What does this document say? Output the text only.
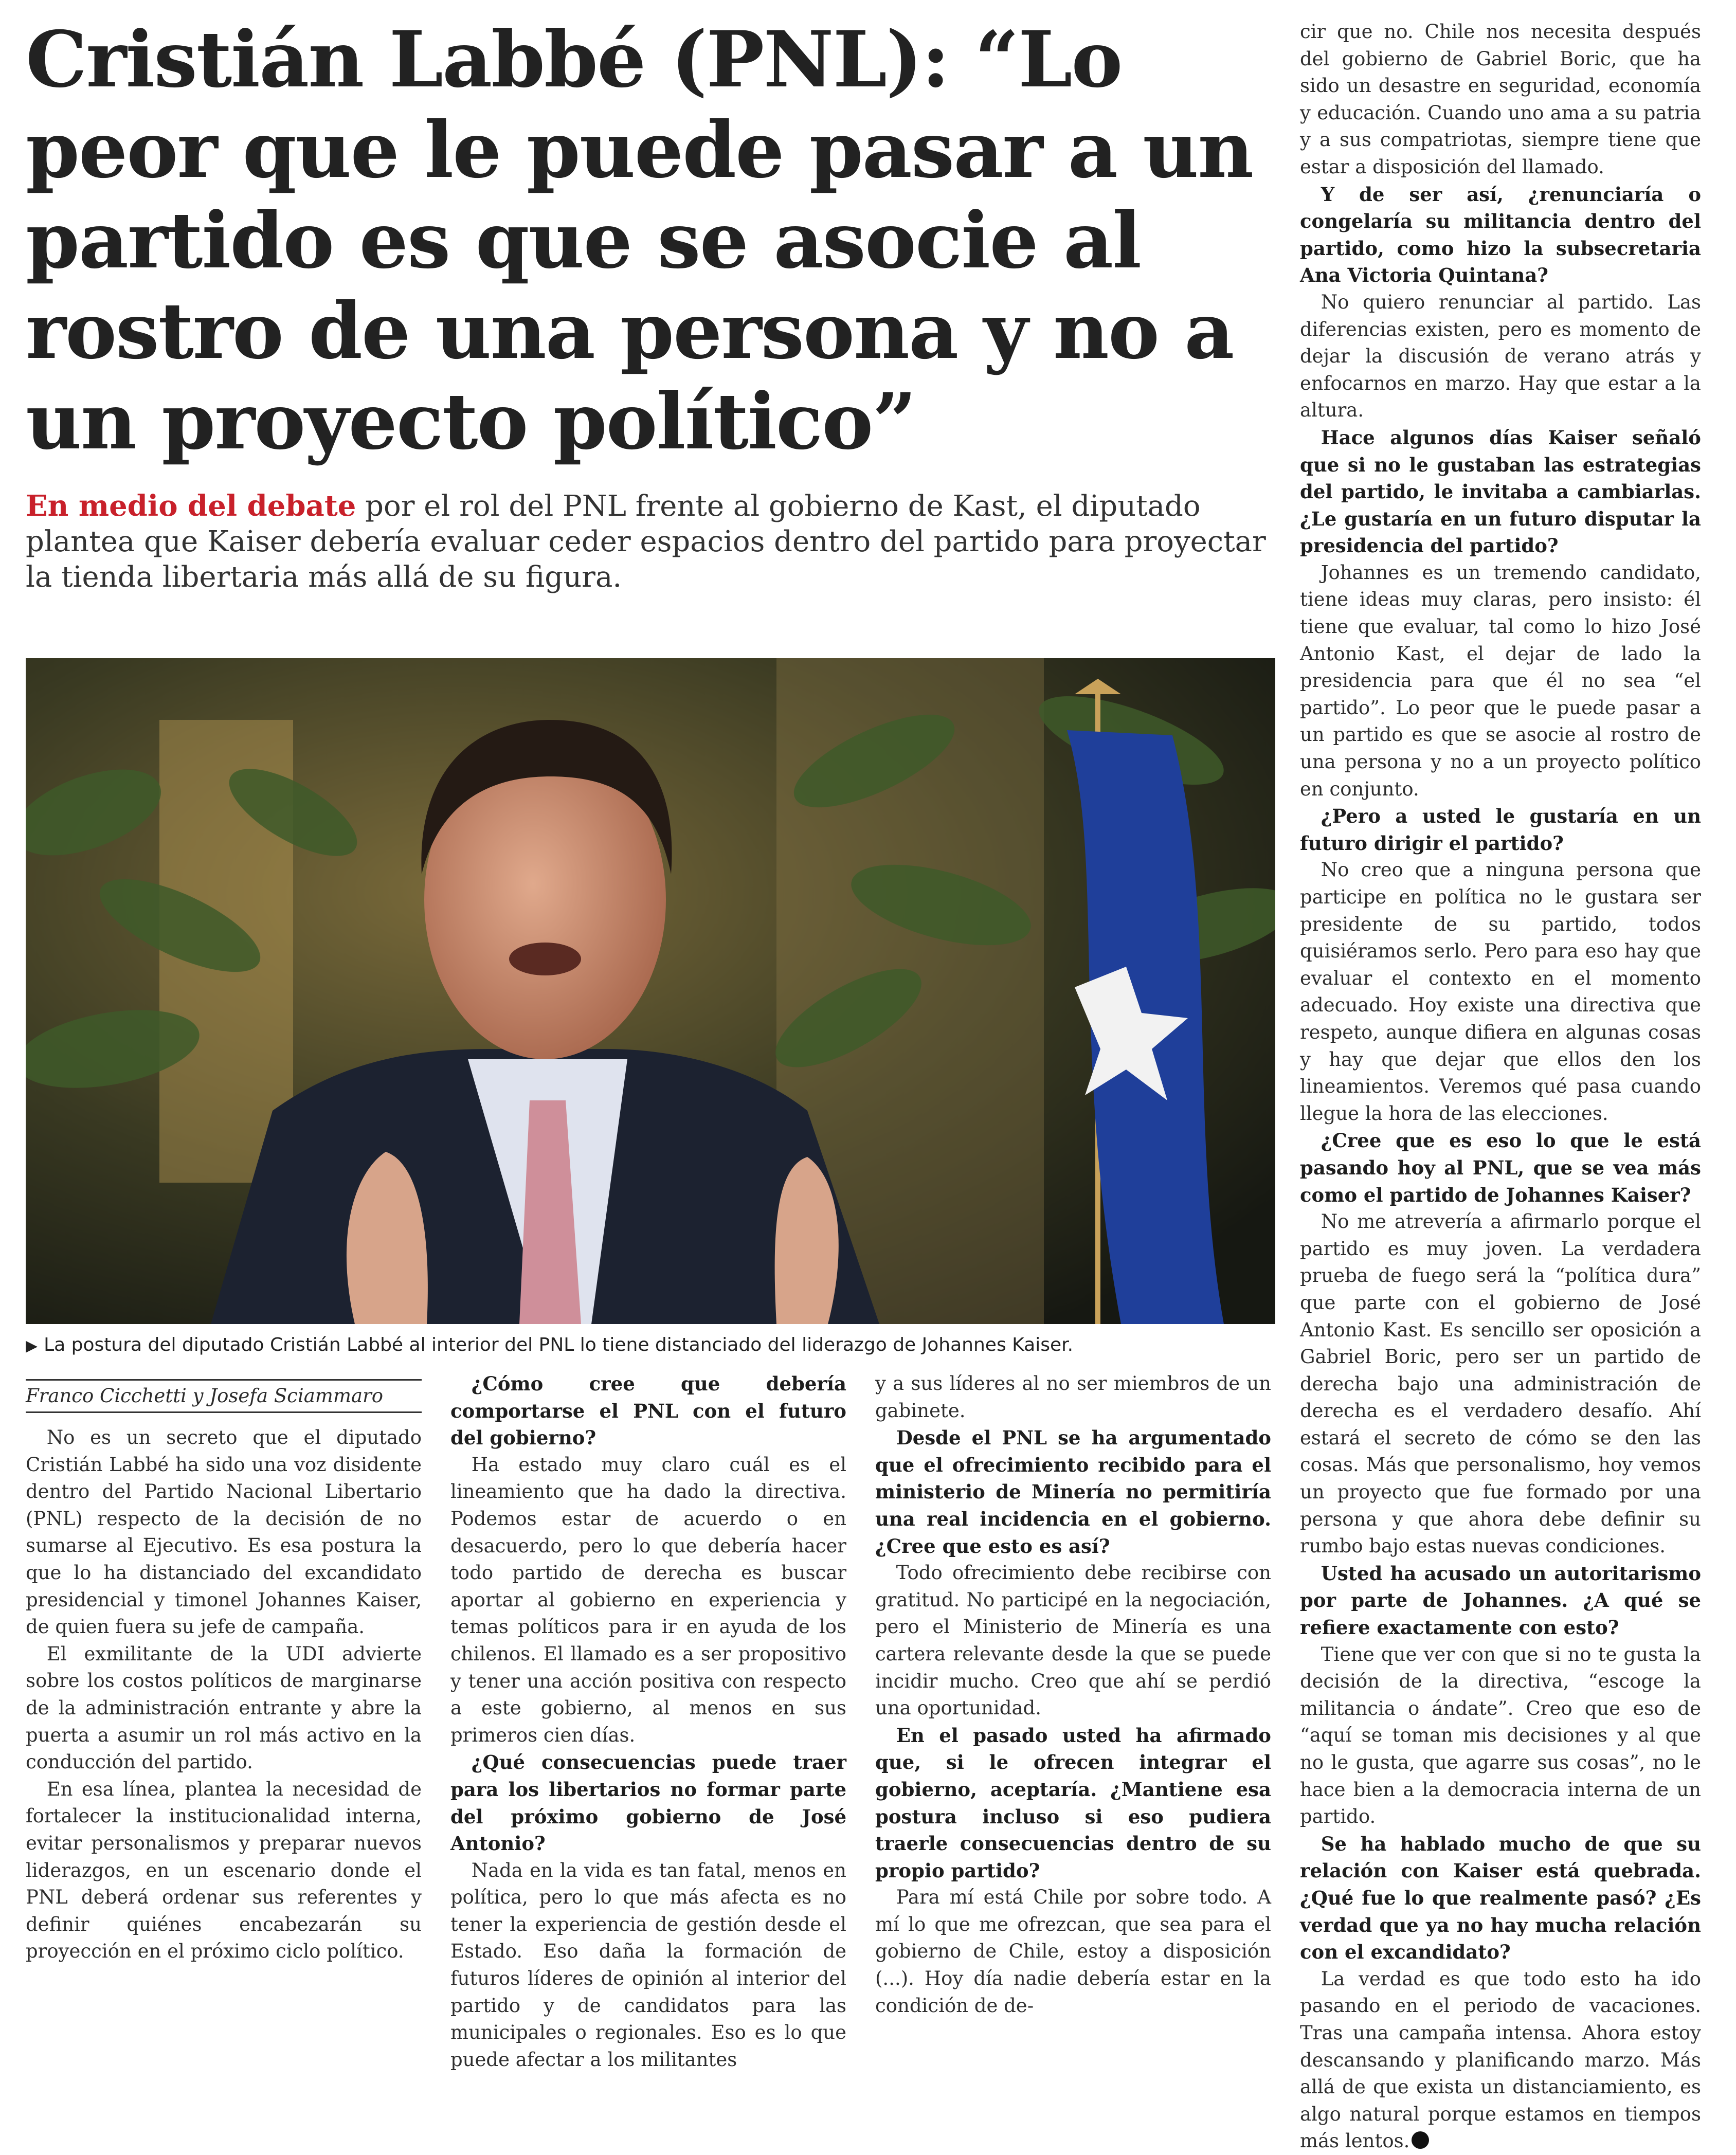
Cristián Labbé (PNL): “Lo peor que le puede pasar a un partido es que se asocie al rostro de una persona y no a un proyecto político”

En medio del debate por el rol del PNL frente al gobierno de Kast, el diputado plantea que Kaiser debería evaluar ceder espacios dentro del partido para proyectar la tienda libertaria más allá de su figura.

▶ La postura del diputado Cristián Labbé al interior del PNL lo tiene distanciado del liderazgo de Johannes Kaiser.

Franco Cicchetti y Josefa Sciammaro

No es un secreto que el diputado Cristián Labbé ha sido una voz disidente dentro del Partido Nacional Libertario (PNL) respecto de la decisión de no sumarse al Ejecutivo. Es esa postura la que lo ha distanciado del excandidato presidencial y timonel Johannes Kaiser, de quien fuera su jefe de campaña.

El exmilitante de la UDI advierte sobre los costos políticos de marginarse de la administración entrante y abre la puerta a asumir un rol más activo en la conducción del partido.

En esa línea, plantea la necesidad de fortalecer la institucionalidad interna, evitar personalismos y preparar nuevos liderazgos, en un escenario donde el PNL deberá ordenar sus referentes y definir quiénes encabezarán su proyección en el próximo ciclo político.

¿Cómo cree que debería comportarse el PNL con el futuro del gobierno?

Ha estado muy claro cuál es el lineamiento que ha dado la directiva. Podemos estar de acuerdo o en desacuerdo, pero lo que debería hacer todo partido de derecha es buscar aportar al gobierno en experiencia y temas políticos para ir en ayuda de los chilenos. El llamado es a ser propositivo y tener una acción positiva con respecto a este gobierno, al menos en sus primeros cien días.

¿Qué consecuencias puede traer para los libertarios no formar parte del próximo gobierno de José Antonio?

Nada en la vida es tan fatal, menos en política, pero lo que más afecta es no tener la experiencia de gestión desde el Estado. Eso daña la formación de futuros líderes de opinión al interior del partido y de candidatos para las municipales o regionales. Eso es lo que puede afectar a los militantes

y a sus líderes al no ser miembros de un gabinete.

Desde el PNL se ha argumentado que el ofrecimiento recibido para el ministerio de Minería no permitiría una real incidencia en el gobierno. ¿Cree que esto es así?

Todo ofrecimiento debe recibirse con gratitud. No participé en la negociación, pero el Ministerio de Minería es una cartera relevante desde la que se puede incidir mucho. Creo que ahí se perdió una oportunidad.

En el pasado usted ha afirmado que, si le ofrecen integrar el gobierno, aceptaría. ¿Mantiene esa postura incluso si eso pudiera traerle consecuencias dentro de su propio partido?

Para mí está Chile por sobre todo. A mí lo que me ofrezcan, que sea para el gobierno de Chile, estoy a disposición (...). Hoy día nadie debería estar en la condición de de-

cir que no. Chile nos necesita después del gobierno de Gabriel Boric, que ha sido un desastre en seguridad, economía y educación. Cuando uno ama a su patria y a sus compatriotas, siempre tiene que estar a disposición del llamado.

Y de ser así, ¿renunciaría o congelaría su militancia dentro del partido, como hizo la subsecretaria Ana Victoria Quintana?

No quiero renunciar al partido. Las diferencias existen, pero es momento de dejar la discusión de verano atrás y enfocarnos en marzo. Hay que estar a la altura.

Hace algunos días Kaiser señaló que si no le gustaban las estrategias del partido, le invitaba a cambiarlas. ¿Le gustaría en un futuro disputar la presidencia del partido?

Johannes es un tremendo candidato, tiene ideas muy claras, pero insisto: él tiene que evaluar, tal como lo hizo José Antonio Kast, el dejar de lado la presidencia para que él no sea “el partido”. Lo peor que le puede pasar a un partido es que se asocie al rostro de una persona y no a un proyecto político en conjunto.

¿Pero a usted le gustaría en un futuro dirigir el partido?

No creo que a ninguna persona que participe en política no le gustara ser presidente de su partido, todos quisiéramos serlo. Pero para eso hay que evaluar el contexto en el momento adecuado. Hoy existe una directiva que respeto, aunque difiera en algunas cosas y hay que dejar que ellos den los lineamientos. Veremos qué pasa cuando llegue la hora de las elecciones.

¿Cree que es eso lo que le está pasando hoy al PNL, que se vea más como el partido de Johannes Kaiser?

No me atrevería a afirmarlo porque el partido es muy joven. La verdadera prueba de fuego será la “política dura” que parte con el gobierno de José Antonio Kast. Es sencillo ser oposición a Gabriel Boric, pero ser un partido de derecha bajo una administración de derecha es el verdadero desafío. Ahí estará el secreto de cómo se den las cosas. Más que personalismo, hoy vemos un proyecto que fue formado por una persona y que ahora debe definir su rumbo bajo estas nuevas condiciones.

Usted ha acusado un autoritarismo por parte de Johannes. ¿A qué se refiere exactamente con esto?

Tiene que ver con que si no te gusta la decisión de la directiva, “escoge la militancia o ándate”. Creo que eso de “aquí se toman mis decisiones y al que no le gusta, que agarre sus cosas”, no le hace bien a la democracia interna de un partido.

Se ha hablado mucho de que su relación con Kaiser está quebrada. ¿Qué fue lo que realmente pasó? ¿Es verdad que ya no hay mucha relación con el excandidato?

La verdad es que todo esto ha ido pasando en el periodo de vacaciones. Tras una campaña intensa. Ahora estoy descansando y planificando marzo. Más allá de que exista un distanciamiento, es algo natural porque estamos en tiempos más lentos.
